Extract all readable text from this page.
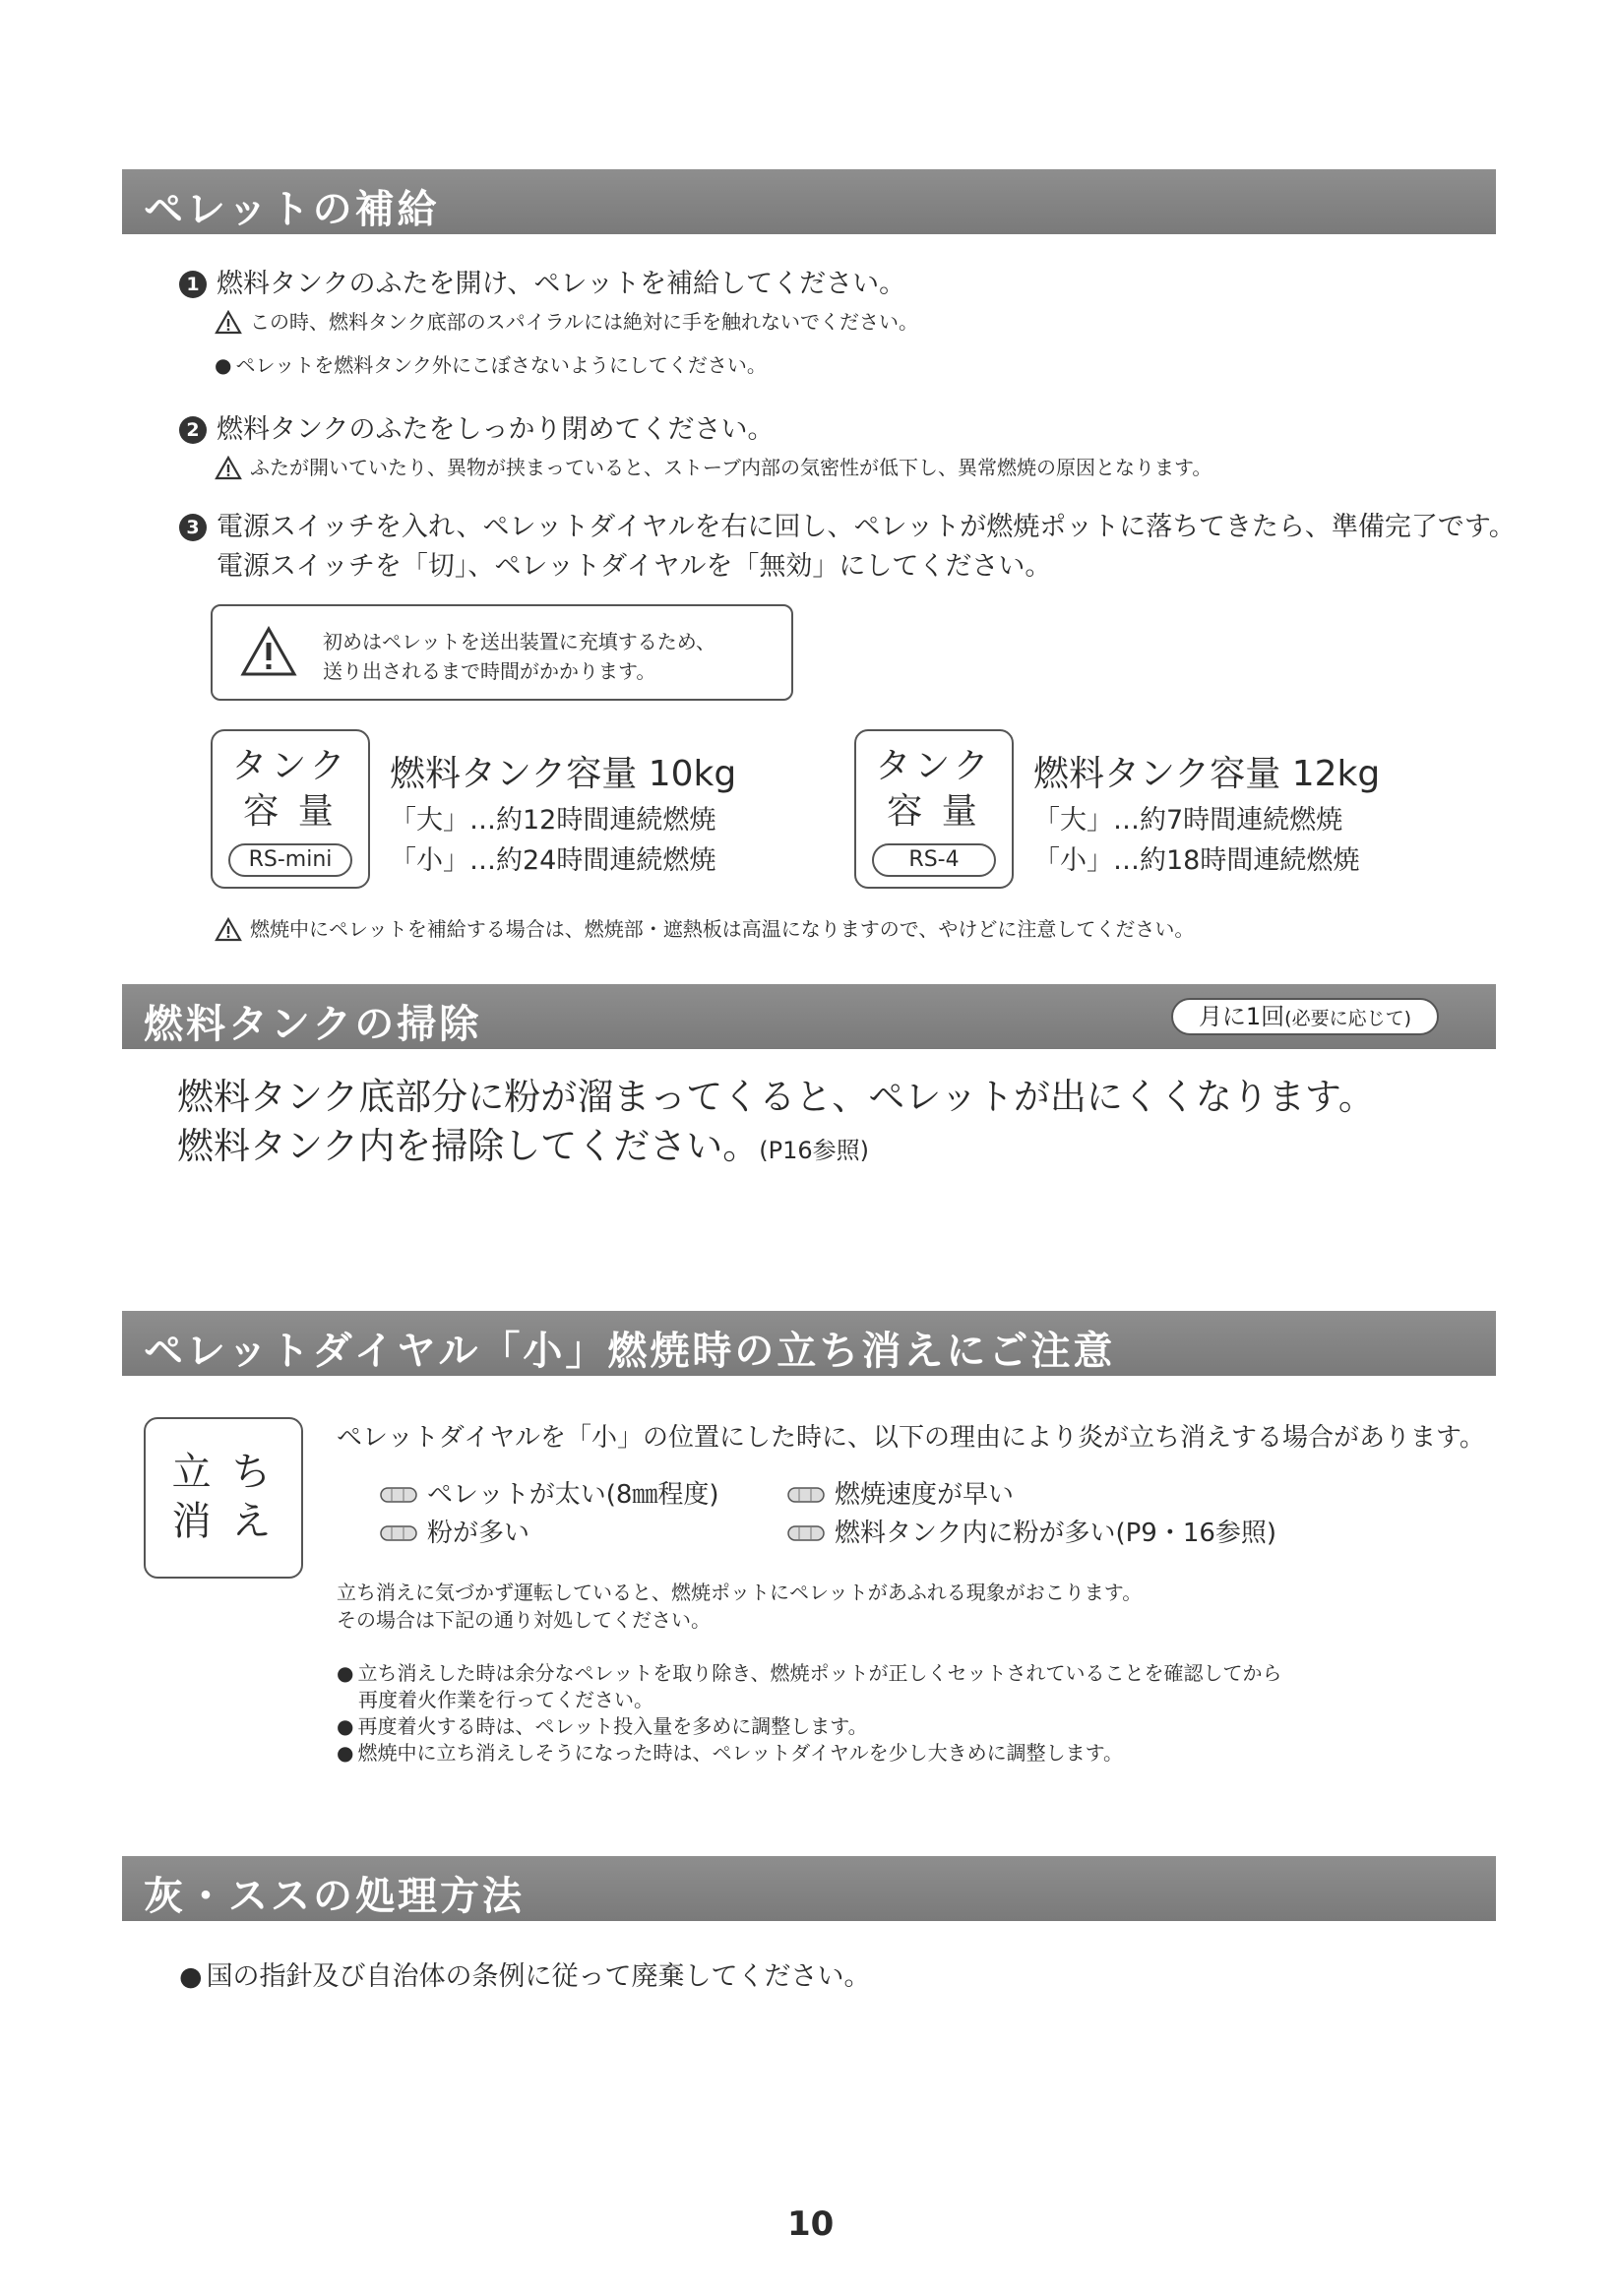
ペレットの補給
1 燃料タンクのふたを開け、ペレットを補給してください。
この時、燃料タンク底部のスパイラルには絶対に手を触れないでください。
● ペレットを燃料タンク外にこぼさないようにしてください。
2 燃料タンクのふたをしっかり閉めてください。
ふたが開いていたり、異物が挟まっていると、ストーブ内部の気密性が低下し、異常燃焼の原因となります。
3 電源スイッチを入れ、ペレットダイヤルを右に回し、ペレットが燃焼ポットに落ちてきたら、準備完了です。
電源スイッチを「切」、ペレットダイヤルを「無効」にしてください。
初めはペレットを送出装置に充填するため、
送り出されるまで時間がかかります。
タンク
容 量
RS-mini
燃料タンク容量 10kg
「大」…約12時間連続燃焼
「小」…約24時間連続燃焼
タンク
容 量
RS-4
燃料タンク容量 12kg
「大」…約7時間連続燃焼
「小」…約18時間連続燃焼
燃焼中にペレットを補給する場合は、燃焼部・遮熱板は高温になりますので、やけどに注意してください。
燃料タンクの掃除	月に1回(必要に応じて)
燃料タンク底部分に粉が溜まってくると、ペレットが出にくくなります。
燃料タンク内を掃除してください。(P16参照)
ペレットダイヤル「小」燃焼時の立ち消えにご注意
立 ち
消 え
ペレットダイヤルを「小」の位置にした時に、以下の理由により炎が立ち消えする場合があります。
ペレットが太い(8㎜程度)	燃焼速度が早い
粉が多い	燃料タンク内に粉が多い(P9・16参照)
立ち消えに気づかず運転していると、燃焼ポットにペレットがあふれる現象がおこります。
その場合は下記の通り対処してください。
● 立ち消えした時は余分なペレットを取り除き、燃焼ポットが正しくセットされていることを確認してから
再度着火作業を行ってください。
● 再度着火する時は、ペレット投入量を多めに調整します。
● 燃焼中に立ち消えしそうになった時は、ペレットダイヤルを少し大きめに調整します。
灰・ススの処理方法
● 国の指針及び自治体の条例に従って廃棄してください。
10
